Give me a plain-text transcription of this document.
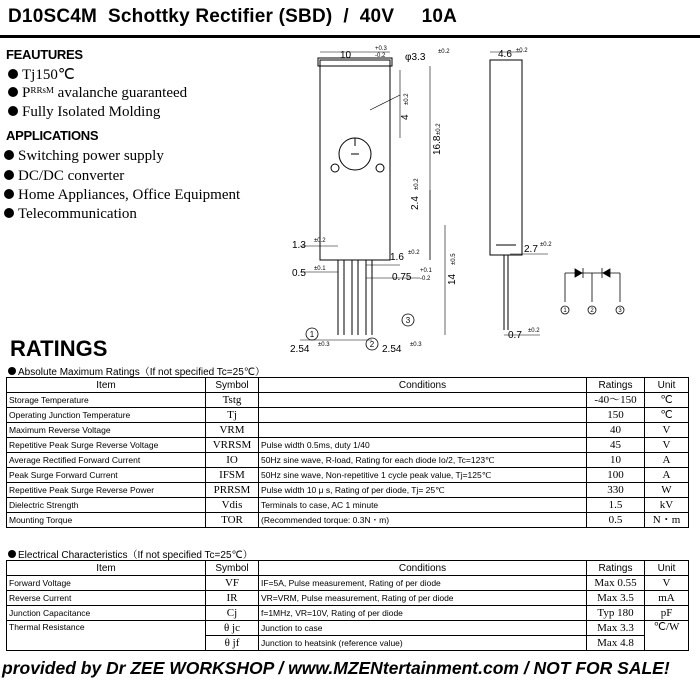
D10SC4M  Schottky Rectifier (SBD)  /  40V     10A
FEAUTURES
Tj150℃
Pᴿᴿˢᴹ avalanche guaranteed
Fully Isolated Molding
APPLICATIONS
Switching power supply
DC/DC converter
Home Appliances, Office Equipment
Telecommunication
10
+0.3
-0.2 φ3.3 ±0.2	4.6 ±0.2
4
±0.2
16.8
±0.2
2.4
±0.2
1.3 ±0.2
0.5 ±0.1
1.6 ±0.2
0.75
+0.1
-0.2 14
±0.5
2.7 ±0.2
0.7 ±0.2
2.54 ±0.3	2.54 ±0.3
1
2
3
1	2	3
RATINGS
Absolute Maximum Ratings（If not specified Tc=25℃）
Item	Symbol	Conditions	Ratings	Unit
Storage Temperature	Tstg		-40～150	℃
Operating Junction Temperature	Tj		150	℃
Maximum Reverse Voltage	VRM		40	V
Repetitive Peak Surge Reverse Voltage	VRRSM	Pulse width 0.5ms, duty 1/40	45	V
Average Rectified Forward Current	IO	50Hz sine wave, R-load, Rating for each diode Io/2, Tc=123℃	10	A
Peak Surge Forward Current	IFSM	50Hz sine wave, Non-repetitive 1 cycle peak value, Tj=125℃	100	A
Repetitive Peak Surge Reverse Power	PRRSM	Pulse width 10 μ s, Rating of per diode, Tj= 25℃	330	W
Dielectric Strength	Vdis	Terminals to case, AC 1 minute	1.5	kV
Mounting Torque	TOR	(Recommended torque: 0.3N・m)	0.5	N・m
Electrical Characteristics（If not specified Tc=25℃）
Item	Symbol	Conditions	Ratings	Unit
Forward Voltage	VF	IF=5A, Pulse measurement, Rating of per diode	Max 0.55	V
Reverse Current	IR	VR=VRM, Pulse measurement, Rating of per diode	Max 3.5	mA
Junction Capacitance	Cj	f=1MHz, VR=10V, Rating of per diode	Typ 180	pF
Thermal Resistance	θ jc	Junction to case	Max 3.3	℃/W
	θ jf	Junction to heatsink (reference value)	Max 4.8	
provided by Dr ZEE WORKSHOP / www.MZENtertainment.com / NOT FOR SALE!
